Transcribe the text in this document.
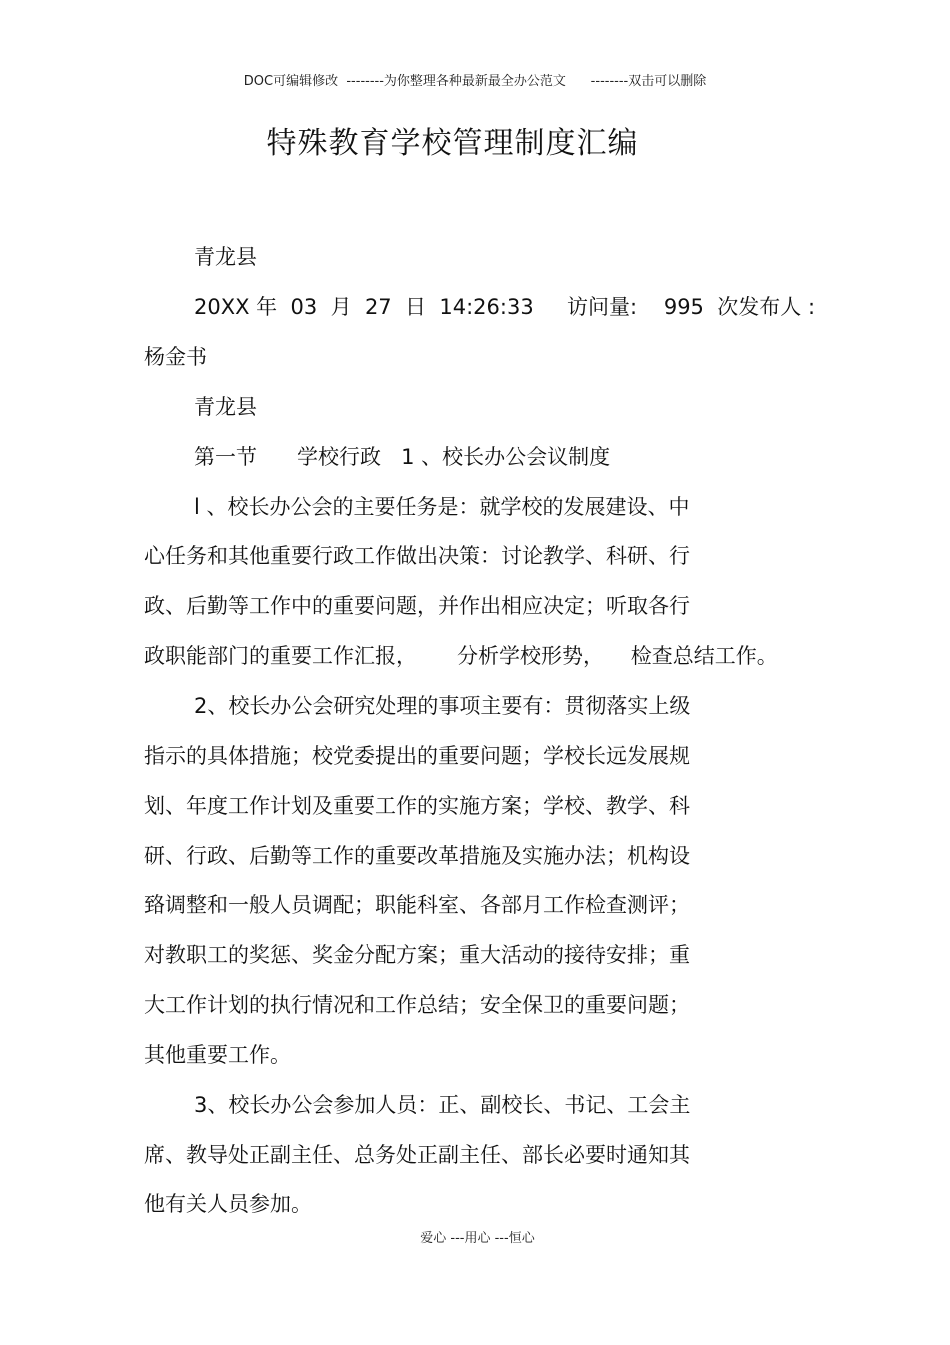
DOC可编辑修改  --------为你整理各种最新最全办公范文      --------双击可以删除
特殊教育学校管理制度汇编
青龙县
20XX 年  03  月  27  日  14:26:33     访问量:    995  次发布人 :
杨金书
青龙县
第一节      学校行政   1 、校长办公会议制度
l 、校长办公会的主要任务是：就学校的发展建设、中
心任务和其他重要行政工作做出决策：讨论教学、科研、行
政、后勤等工作中的重要问题，并作出相应决定；听取各行
政职能部门的重要工作汇报，      分析学校形势，    检查总结工作。
2、校长办公会研究处理的事项主要有：贯彻落实上级
指示的具体措施；校党委提出的重要问题；学校长远发展规
划、年度工作计划及重要工作的实施方案；学校、教学、科
研、行政、后勤等工作的重要改革措施及实施办法；机构设
臵调整和一般人员调配；职能科室、各部月工作检查测评；
对教职工的奖惩、奖金分配方案；重大活动的接待安排；重
大工作计划的执行情况和工作总结；安全保卫的重要问题；
其他重要工作。
3、校长办公会参加人员：正、副校长、书记、工会主
席、教导处正副主任、总务处正副主任、部长必要时通知其
他有关人员参加。
爱心 ---用心 ---恒心
